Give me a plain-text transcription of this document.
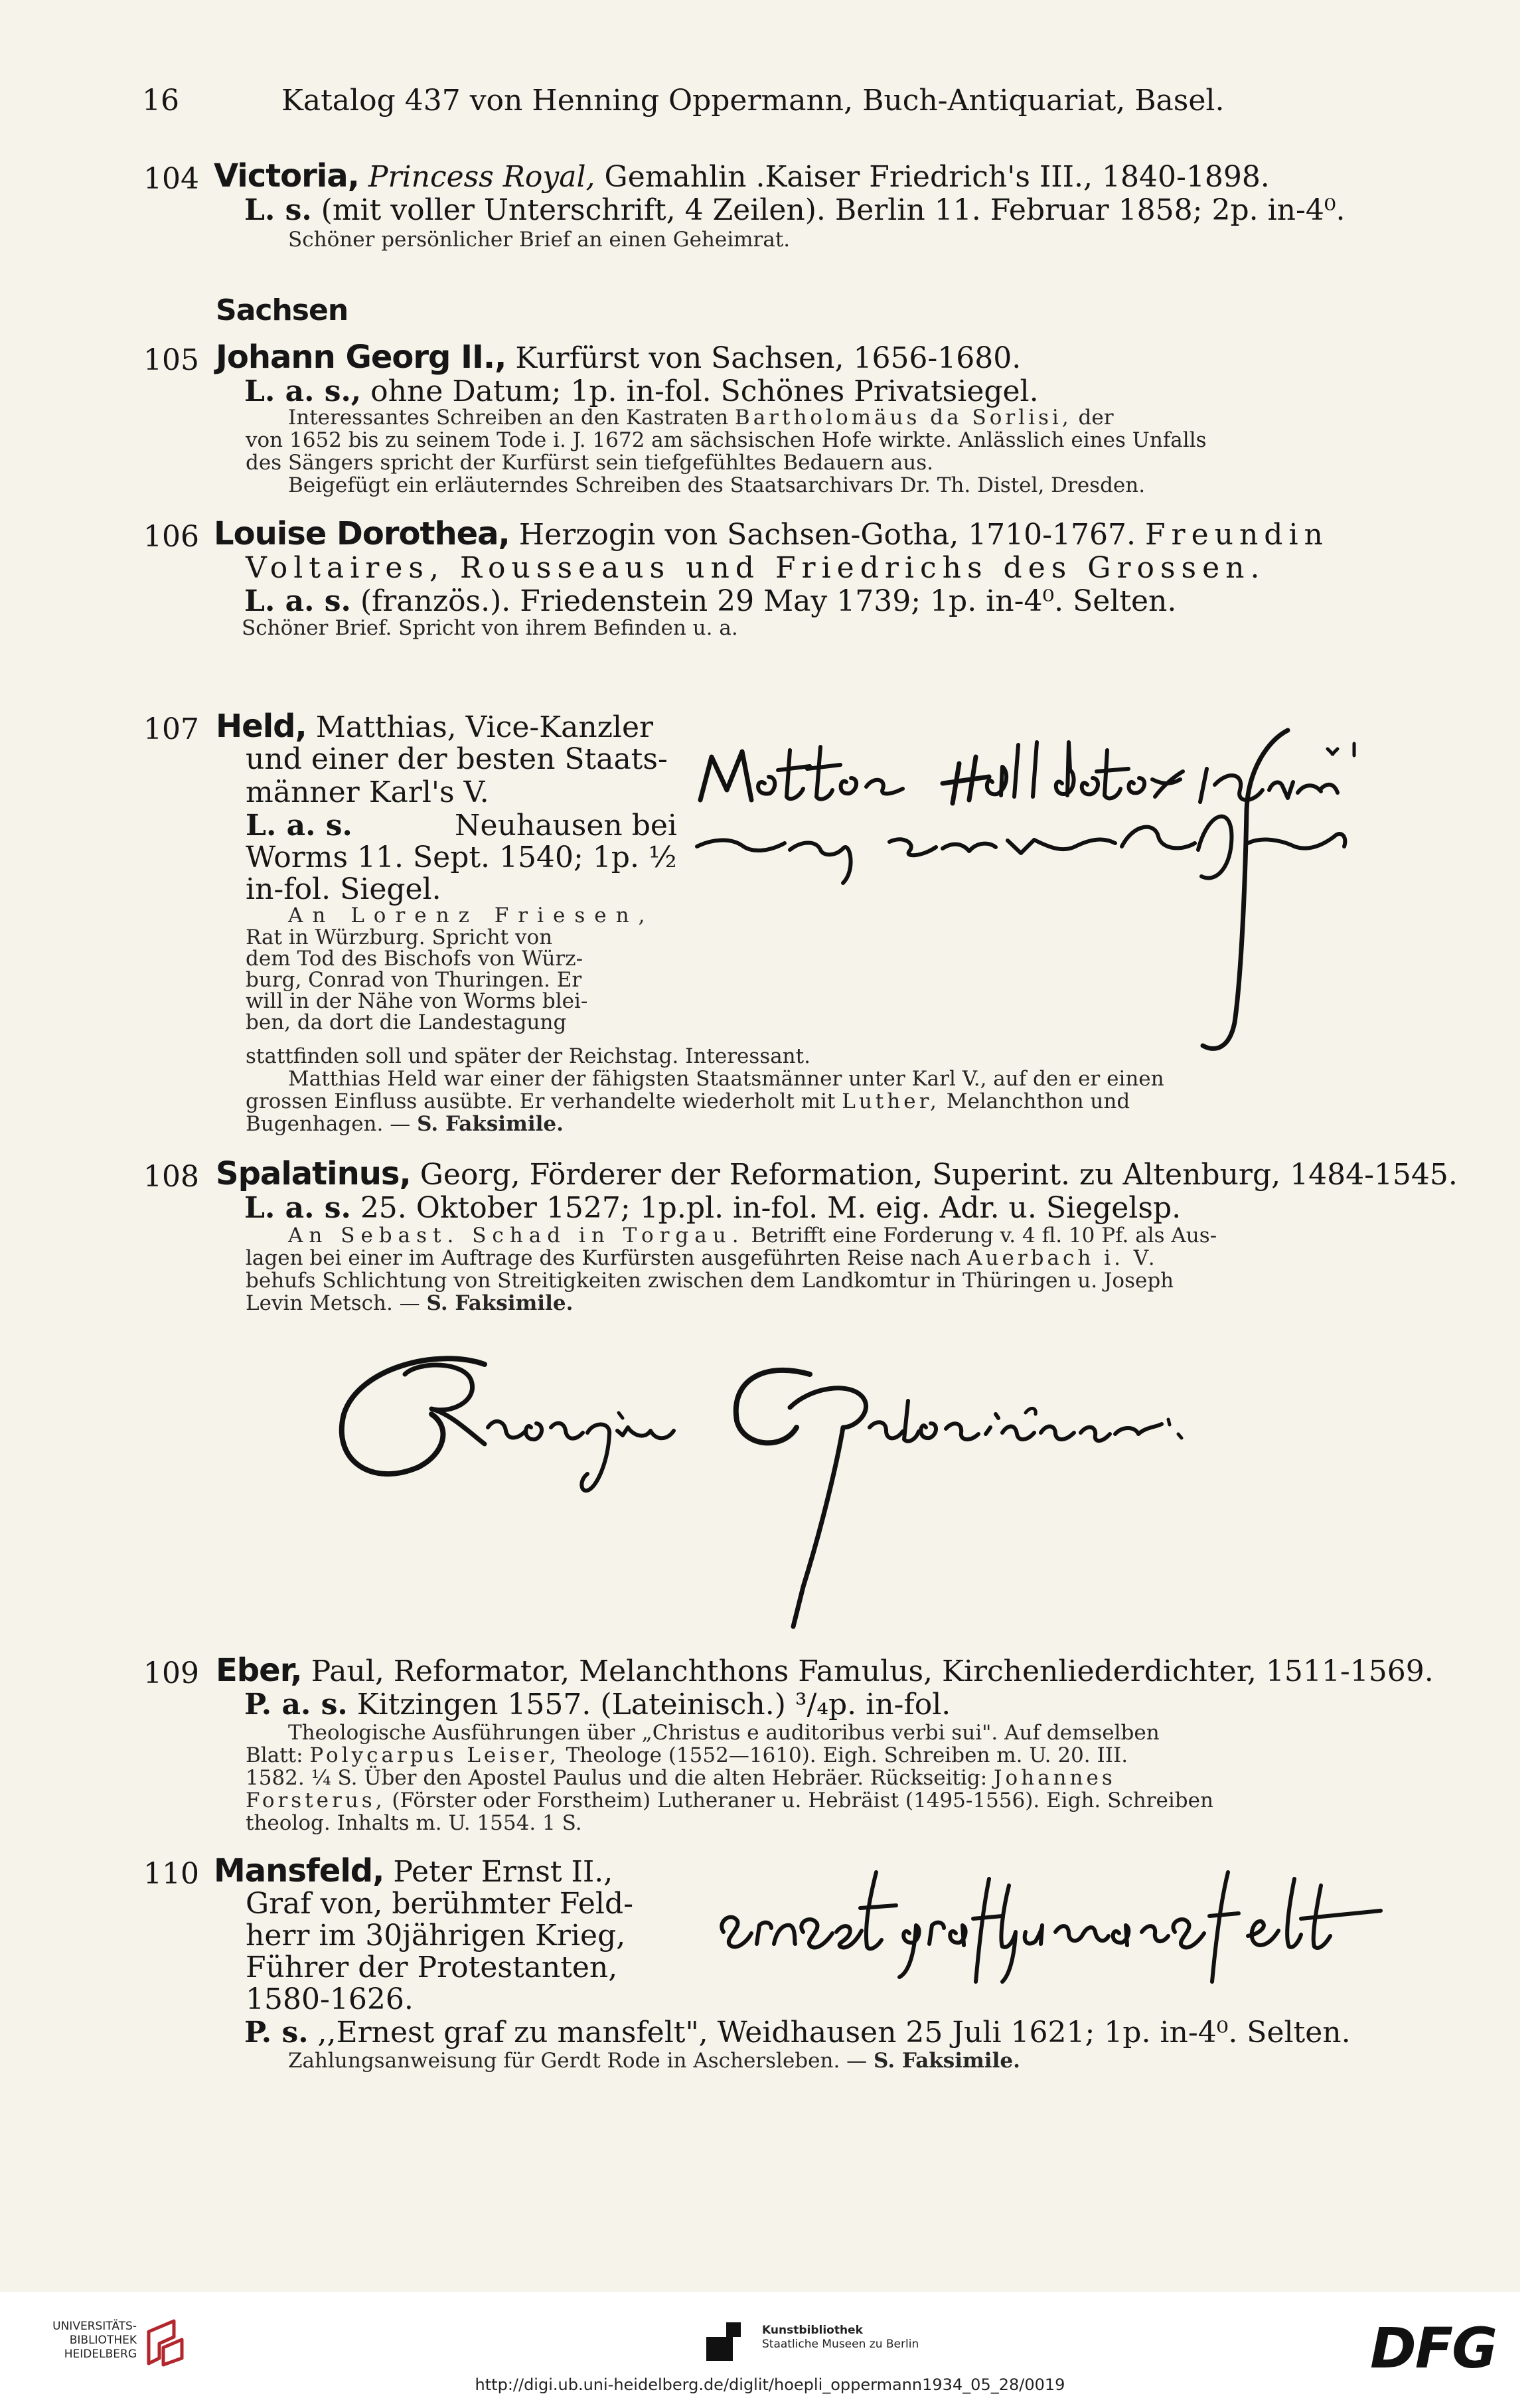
16	Katalog 437 von Henning Oppermann, Buch-Antiquariat, Basel.
104 Victoria, Princess Royal, Gemahlin .Kaiser Friedrich's III., 1840-1898.
L. s. (mit voller Unterschrift, 4 Zeilen). Berlin 11. Februar 1858; 2p. in-4⁰.
Schöner persönlicher Brief an einen Geheimrat.
Sachsen
105 Johann Georg II., Kurfürst von Sachsen, 1656-1680.
L. a. s., ohne Datum; 1p. in-fol. Schönes Privatsiegel.
Interessantes Schreiben an den Kastraten Bartholomäus da Sorlisi, der
von 1652 bis zu seinem Tode i. J. 1672 am sächsischen Hofe wirkte. Anlässlich eines Unfalls
des Sängers spricht der Kurfürst sein tiefgefühltes Bedauern aus.
Beigefügt ein erläuterndes Schreiben des Staatsarchivars Dr. Th. Distel, Dresden.
106 Louise Dorothea, Herzogin von Sachsen-Gotha, 1710-1767. Freundin
Voltaires, Rousseaus und Friedrichs des Grossen.
L. a. s. (französ.). Friedenstein 29 May 1739; 1p. in-4⁰. Selten.
Schöner Brief. Spricht von ihrem Befinden u. a.
107 Held, Matthias, Vice-Kanzler
und einer der besten Staats-
männer Karl's V.
L. a. s.	Neuhausen bei
Worms 11. Sept. 1540; 1p. ½
in-fol. Siegel.
An Lorenz Friesen,
Rat in Würzburg. Spricht von
dem Tod des Bischofs von Würz-
burg, Conrad von Thuringen. Er
will in der Nähe von Worms blei-
ben, da dort die Landestagung
stattfinden soll und später der Reichstag. Interessant.
Matthias Held war einer der fähigsten Staatsmänner unter Karl V., auf den er einen
grossen Einfluss ausübte. Er verhandelte wiederholt mit Luther, Melanchthon und
Bugenhagen. — S. Faksimile.
108 Spalatinus, Georg, Förderer der Reformation, Superint. zu Altenburg, 1484-1545.
L. a. s. 25. Oktober 1527; 1p.pl. in-fol. M. eig. Adr. u. Siegelsp.
An Sebast. Schad in Torgau. Betrifft eine Forderung v. 4 fl. 10 Pf. als Aus-
lagen bei einer im Auftrage des Kurfürsten ausgeführten Reise nach Auerbach i. V.
behufs Schlichtung von Streitigkeiten zwischen dem Landkomtur in Thüringen u. Joseph
Levin Metsch. — S. Faksimile.
109 Eber, Paul, Reformator, Melanchthons Famulus, Kirchenliederdichter, 1511-1569.
P. a. s. Kitzingen 1557. (Lateinisch.) ³/₄p. in-fol.
Theologische Ausführungen über „Christus e auditoribus verbi sui". Auf demselben
Blatt: Polycarpus Leiser, Theologe (1552—1610). Eigh. Schreiben m. U. 20. III.
1582. ¼ S. Über den Apostel Paulus und die alten Hebräer. Rückseitig: Johannes
Forsterus, (Förster oder Forstheim) Lutheraner u. Hebräist (1495-1556). Eigh. Schreiben
theolog. Inhalts m. U. 1554. 1 S.
110 Mansfeld, Peter Ernst II.,
Graf von, berühmter Feld-
herr im 30jährigen Krieg,
Führer der Protestanten,
1580-1626.
P. s. ,,Ernest graf zu mansfelt", Weidhausen 25 Juli 1621; 1p. in-4⁰. Selten.
Zahlungsanweisung für Gerdt Rode in Aschersleben. — S. Faksimile.
UNIVERSITÄTS-
BIBLIOTHEK
HEIDELBERG
Kunstbibliothek
Staatliche Museen zu Berlin	DFG
http://digi.ub.uni-heidelberg.de/diglit/hoepli_oppermann1934_05_28/0019
